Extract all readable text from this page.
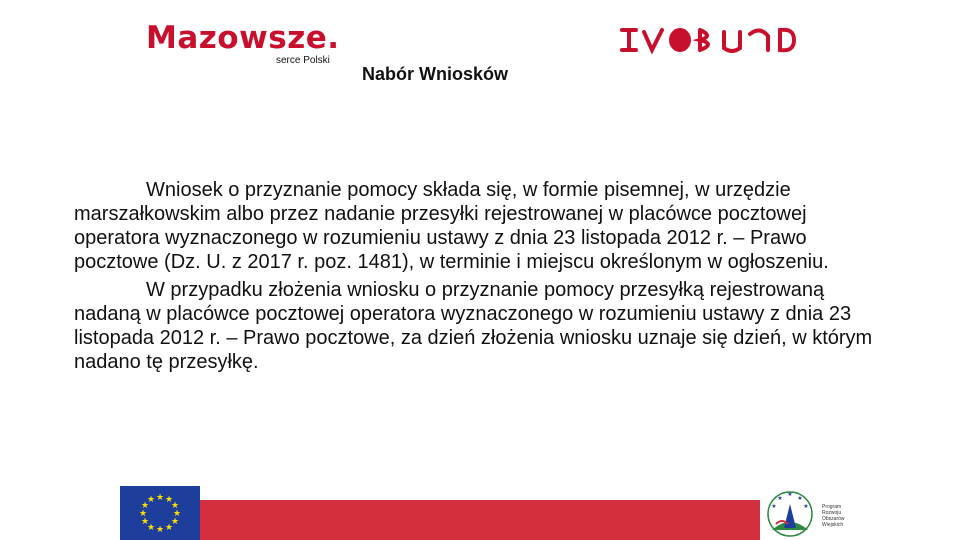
Mazowsze.
serce Polski
Nabór Wniosków

Wniosek o przyznanie pomocy składa się, w formie pisemnej, w urzędzie marszałkowskim albo przez nadanie przesyłki rejestrowanej w placówce pocztowej operatora wyznaczonego w rozumieniu ustawy z dnia 23 listopada 2012 r. – Prawo pocztowe (Dz. U. z 2017 r. poz. 1481), w terminie i miejscu określonym w ogłoszeniu.

W przypadku złożenia wniosku o przyznanie pomocy przesyłką rejestrowaną nadaną w placówce pocztowej operatora wyznaczonego w rozumieniu ustawy z dnia 23 listopada 2012 r. – Prawo pocztowe, za dzień złożenia wniosku uznaje się dzień, w którym nadano tę przesyłkę.

★ ★
★
★
★
★
★
★
★
★
★
★
★
★ ★
★	★	Program
Rozwoju
Obszarów
Wiejskich
